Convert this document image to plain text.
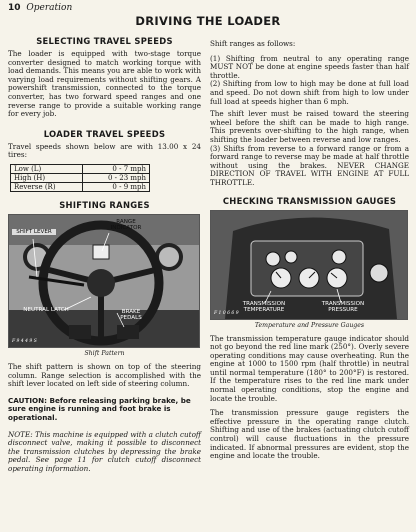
10 Operation
DRIVING THE LOADER
SELECTING TRAVEL SPEEDS

The loader is equipped with two-stage torque converter designed to match working torque with load demands. This means you are able to work with varying load requirements without shifting gears. A powershift transmission, connected to the torque converter, has two forward speed ranges and one reverse range to provide a suitable working range for every job.

LOADER TRAVEL SPEEDS

Travel speeds shown below are with 13.00 x 24 tires:

Low (L)	0 - 7 mph
High (H)	0 - 23 mph
Reverse (R)	0 - 9 mph
SHIFTING RANGES
RANGE INDICATOR
SHIFT LEVER
NEUTRAL LATCH	BRAKE PEDALS
F 9 4 4 9 S
Shift Pattern

The shift pattern is shown on top of the steering column. Range selection is accomplished with the shift lever located on left side of steering column.

CAUTION: Before releasing parking brake, be sure engine is running and foot brake is operational.

NOTE: This machine is equipped with a clutch cutoff disconnect valve, making it possible to disconnect the transmission clutches by depressing the brake pedal. See page 11 for clutch cutoff disconnect operating information.

Shift ranges as follows:

(1) Shifting from neutral to any operating range MUST NOT be done at engine speeds faster than half throttle.

(2) Shifting from low to high may be done at full load and speed. Do not down shift from high to low under full load at speeds higher than 6 mph.

The shift lever must be raised toward the steering wheel before the shift can be made to high range. This prevents over-shifting to the high range, when shifting the loader between reverse and low ranges.

(3) Shifts from reverse to a forward range or from a forward range to reverse may be made at half throttle without using the brakes. NEVER CHANGE DIRECTION OF TRAVEL WITH ENGINE AT FULL THROTTLE.

CHECKING TRANSMISSION GAUGES
TRANSMISSION TEMPERATURE
TRANSMISSION PRESSURE
F 1 0 6 6 9
Temperature and Pressure Gauges

The transmission temperature gauge indicator should not go beyond the red line mark (250°). Overly severe operating conditions may cause overheating. Run the engine at 1000 to 1500 rpm (half throttle) in neutral until normal temperature (180° to 200°F) is restored. If the temperature rises to the red line mark under normal operating conditions, stop the engine and locate the trouble.

The transmission pressure gauge registers the effective pressure in the operating range clutch. Shifting and use of the brakes (actuating clutch cutoff control) will cause fluctuations in the pressure indicated. If abnormal pressures are evident, stop the engine and locate the trouble.
